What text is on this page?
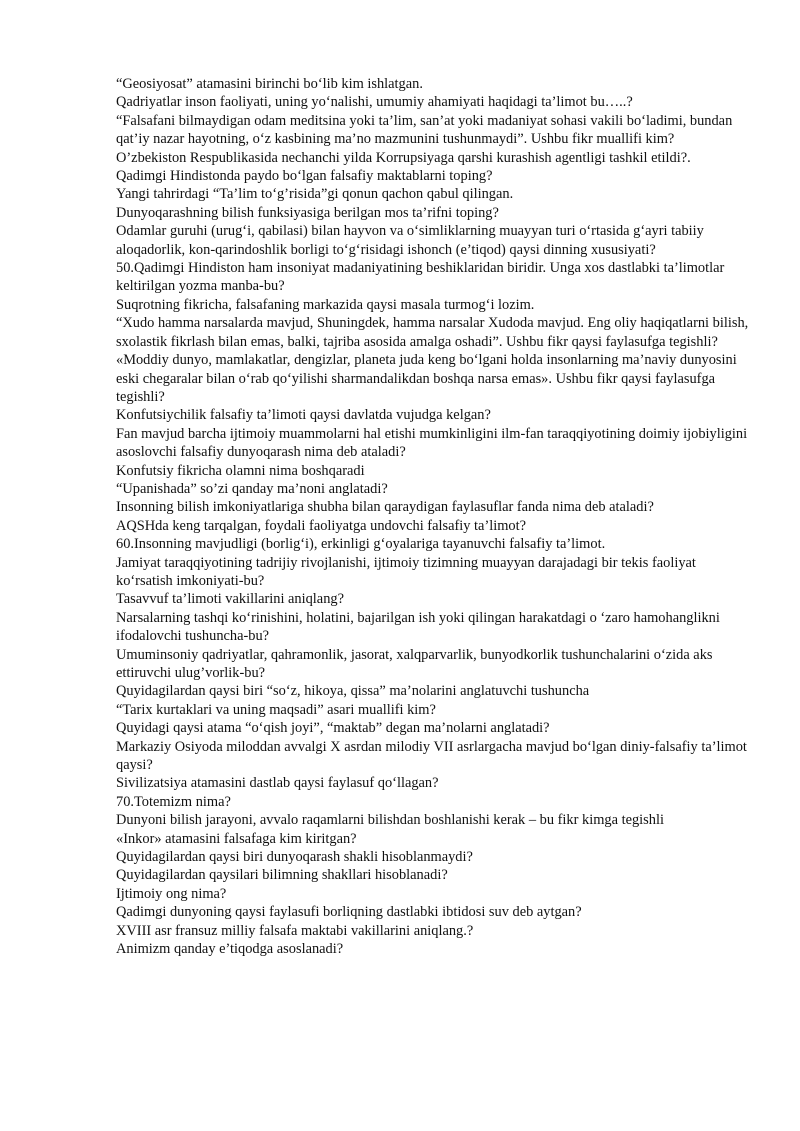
“Geosiyosat” atamasini birinchi bo‘lib kim ishlatgan.

Qadriyatlar inson faoliyati, uning yo‘nalishi, umumiy ahamiyati haqidagi ta’limot bu…..?

“Falsafani bilmaydigan odam meditsina yoki ta’lim, san’at yoki madaniyat sohasi vakili bo‘ladimi, bundan qat’iy nazar hayotning, o‘z kasbining ma’no mazmunini tushunmaydi”. Ushbu fikr muallifi kim?

O’zbekiston Respublikasida nechanchi yilda Korrupsiyaga qarshi kurashish agentligi tashkil etildi?.

Qadimgi Hindistonda paydo bo‘lgan falsafiy maktablarni toping?

Yangi tahrirdagi “Ta’lim to‘g’risida”gi qonun qachon qabul qilingan.

Dunyoqarashning bilish funksiyasiga berilgan mos ta’rifni toping?

Odamlar guruhi (urug‘i, qabilasi) bilan hayvon va o‘simliklarning muayyan turi o‘rtasida g‘ayri tabiiy aloqadorlik, kon-qarindoshlik borligi to‘g‘risidagi ishonch (e’tiqod) qaysi dinning xususiyati?

50.Qadimgi Hindiston ham insoniyat madaniyatining beshiklaridan biridir. Unga xos dastlabki ta’limotlar keltirilgan yozma manba-bu?

Suqrotning fikricha, falsafaning markazida qaysi masala turmog‘i lozim.

“Xudo hamma narsalarda mavjud, Shuningdek, hamma narsalar Xudoda mavjud. Eng oliy haqiqatlarni bilish, sxolastik fikrlash bilan emas, balki, tajriba asosida amalga oshadi”. Ushbu fikr qaysi faylasufga tegishli?

«Moddiy dunyo, mamlakatlar, dengizlar, planeta juda keng bo‘lgani holda insonlarning ma’naviy dunyosini eski chegaralar bilan o‘rab qo‘yilishi sharmandalikdan boshqa narsa emas». Ushbu fikr qaysi faylasufga tegishli?

Konfutsiychilik falsafiy ta’limoti qaysi davlatda vujudga kelgan?

Fan mavjud barcha ijtimoiy muammolarni hal etishi mumkinligini ilm-fan taraqqiyotining doimiy ijobiyligini asoslovchi falsafiy dunyoqarash nima deb ataladi?

Konfutsiy fikricha olamni nima boshqaradi

“Upanishada” so’zi qanday ma’noni anglatadi?

Insonning bilish imkoniyatlariga shubha bilan qaraydigan faylasuflar fanda nima deb ataladi?

AQSHda keng tarqalgan, foydali faoliyatga undovchi falsafiy ta’limot?

60.Insonning mavjudligi (borlig‘i), erkinligi g‘oyalariga tayanuvchi falsafiy ta’limot.

Jamiyat taraqqiyotining tadrijiy rivojlanishi, ijtimoiy tizimning muayyan darajadagi bir tekis faoliyat ko‘rsatish imkoniyati-bu?

Tasavvuf ta’limoti vakillarini aniqlang?

Narsalarning tashqi ko‘rinishini, holatini, bajarilgan ish yoki qilingan harakatdagi o ‘zaro hamohanglikni ifodalovchi tushuncha-bu?

Umuminsoniy qadriyatlar, qahramonlik, jasorat, xalqparvarlik, bunyodkorlik tushunchalarini o‘zida aks ettiruvchi ulug’vorlik-bu?

Quyidagilardan qaysi biri “so‘z, hikoya, qissa” ma’nolarini anglatuvchi tushuncha

“Tarix kurtaklari va uning maqsadi” asari muallifi kim?

Quyidagi qaysi atama “o‘qish joyi”, “maktab” degan ma’nolarni anglatadi?

Markaziy Osiyoda miloddan avvalgi X asrdan milodiy VII asrlargacha mavjud bo‘lgan diniy-falsafiy ta’limot qaysi?

Sivilizatsiya atamasini dastlab qaysi faylasuf qo‘llagan?

70.Totemizm nima?

Dunyoni bilish jarayoni, avvalo raqamlarni bilishdan boshlanishi kerak – bu fikr kimga tegishli

«Inkor» atamasini falsafaga kim kiritgan?

Quyidagilardan qaysi biri dunyoqarash shakli hisoblanmaydi?

Quyidagilardan qaysilari bilimning shakllari hisoblanadi?

Ijtimoiy ong nima?

Qadimgi dunyoning qaysi faylasufi borliqning dastlabki ibtidosi suv deb aytgan?

XVIII asr fransuz milliy falsafa maktabi vakillarini aniqlang.?

Animizm qanday e’tiqodga asoslanadi?
